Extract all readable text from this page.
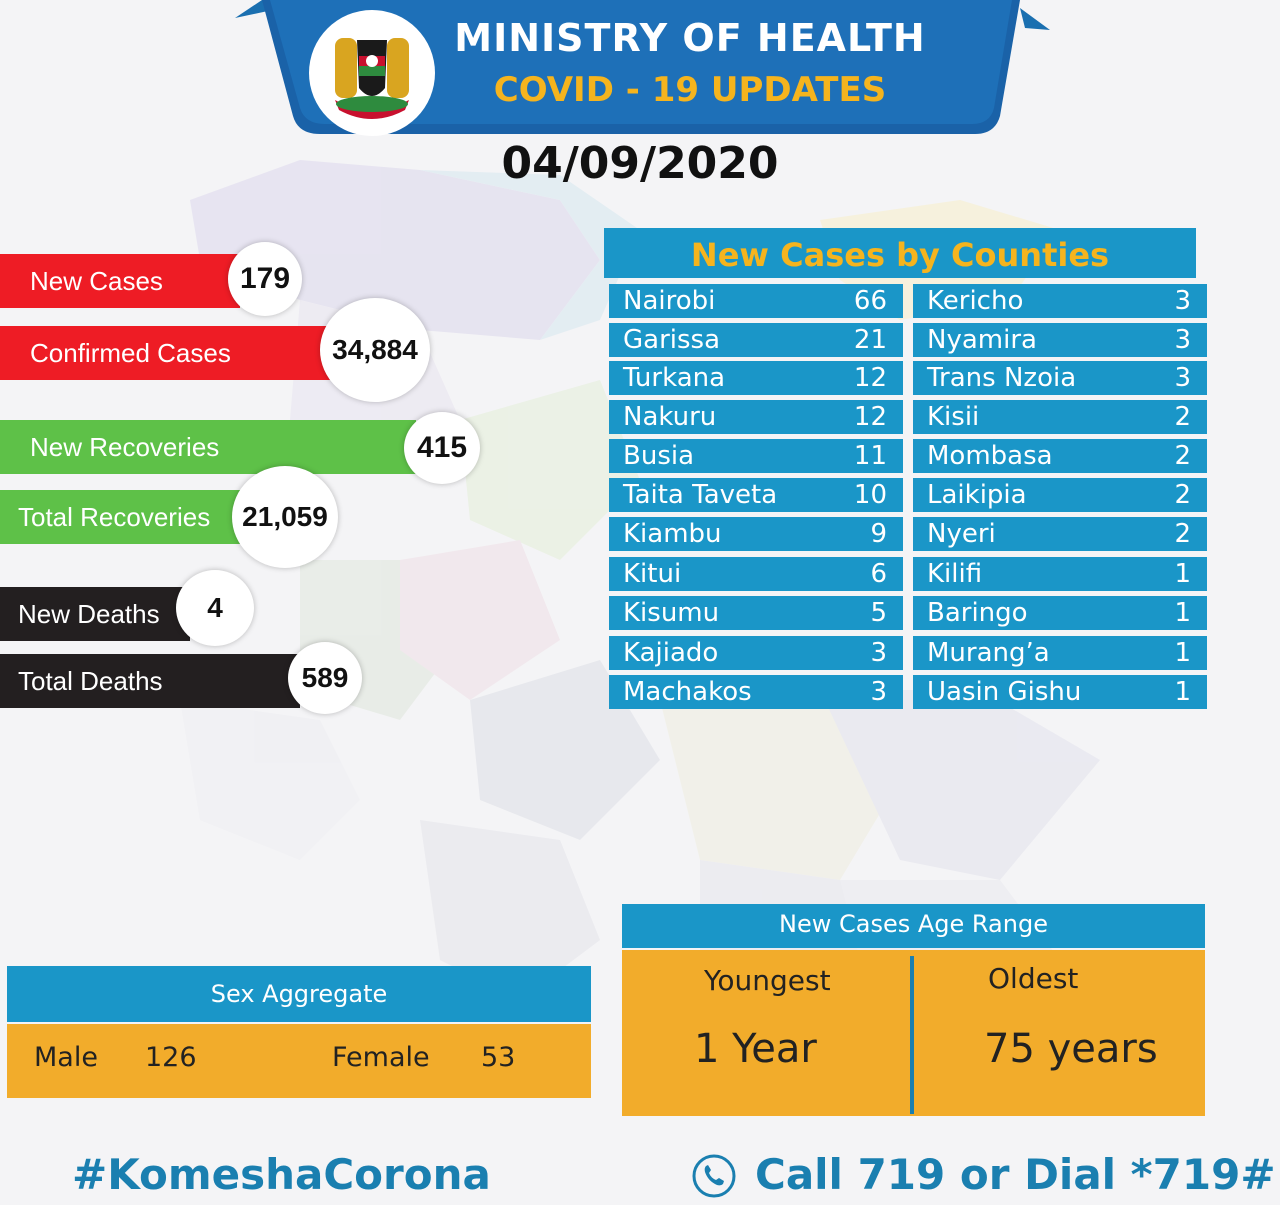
MINISTRY OF HEALTH
COVID - 19 UPDATES
04/09/2020
New Cases	179
Confirmed Cases	34,884
New Recoveries	415
Total Recoveries	21,059
New Deaths	4
Total Deaths	589
New Cases by Counties
Nairobi	66
Garissa	21
Turkana	12
Nakuru	12
Busia	11
Taita Taveta	10
Kiambu	9
Kitui	6
Kisumu	5
Kajiado	3
Machakos	3
Kericho	3
Nyamira	3
Trans Nzoia	3
Kisii	2
Mombasa	2
Laikipia	2
Nyeri	2
Kilifi	1
Baringo	1
Murang’a	1
Uasin Gishu	1
New Cases Age Range
Youngest
1 Year
Oldest
75 years
Sex Aggregate
Male 126	Female 53
#KomeshaCorona	Call 719 or Dial *719#
